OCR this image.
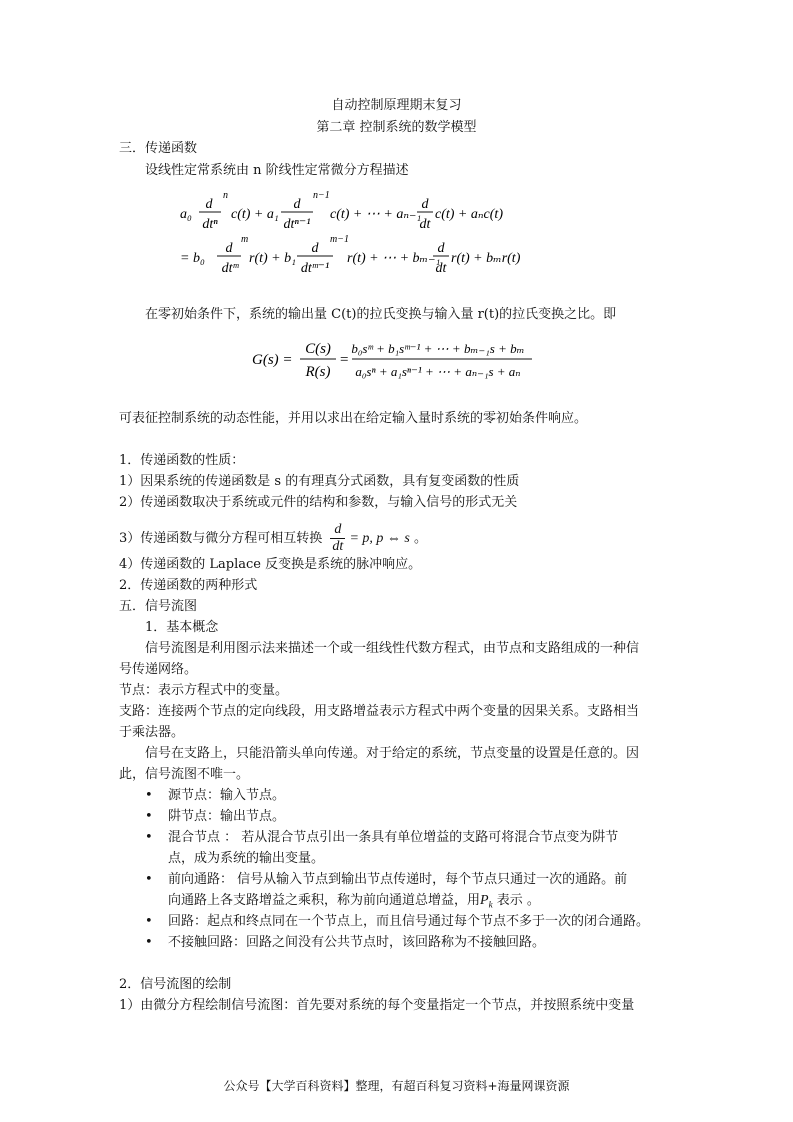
自动控制原理期末复习
第二章 控制系统的数学模型
三．传递函数
设线性定常系统由 n 阶线性定常微分方程描述
a₀
d
dtⁿ
n
c(t) + a₁
d
dtⁿ⁻¹
n−1
c(t) + ⋯ + aₙ₋₁
d
dt
c(t) + aₙc(t)
= b₀
d
dtᵐ
m
r(t) + b₁
d
dtᵐ⁻¹
m−1
r(t) + ⋯ + bₘ₋₁
d
dt
r(t) + bₘr(t)
在零初始条件下，系统的输出量 C(t)的拉氏变换与输入量 r(t)的拉氏变换之比。即
G(s) =
C(s)
R(s)
=
b₀sᵐ + b₁sᵐ⁻¹ + ⋯ + bₘ₋₁s + bₘ
a₀sⁿ + a₁sⁿ⁻¹ + ⋯ + aₙ₋₁s + aₙ
可表征控制系统的动态性能，并用以求出在给定输入量时系统的零初始条件响应。
1．传递函数的性质：
1）因果系统的传递函数是 s 的有理真分式函数，具有复变函数的性质
2）传递函数取决于系统或元件的结构和参数，与输入信号的形式无关
3）传递函数与微分方程可相互转换 $\frac{d}{dt} = p$, p ⇔ s 。
4）传递函数的 Laplace 反变换是系统的脉冲响应。
2．传递函数的两种形式
五．信号流图
1．基本概念
信号流图是利用图示法来描述一个或一组线性代数方程式，由节点和支路组成的一种信
号传递网络。
节点：表示方程式中的变量。
支路：连接两个节点的定向线段，用支路增益表示方程式中两个变量的因果关系。支路相当
于乘法器。
信号在支路上，只能沿箭头单向传递。对于给定的系统，节点变量的设置是任意的。因
此，信号流图不唯一。
• 源节点：输入节点。
• 阱节点：输出节点。
• 混合节点 ： 若从混合节点引出一条具有单位增益的支路可将混合节点变为阱节
点，成为系统的输出变量。
• 前向通路： 信号从输入节点到输出节点传递时，每个节点只通过一次的通路。前
向通路上各支路增益之乘积，称为前向通道总增益，用$P_k$ 表示 。
• 回路：起点和终点同在一个节点上，而且信号通过每个节点不多于一次的闭合通路。
• 不接触回路：回路之间没有公共节点时，该回路称为不接触回路。
2．信号流图的绘制
1）由微分方程绘制信号流图：首先要对系统的每个变量指定一个节点，并按照系统中变量
公众号【大学百科资料】整理，有超百科复习资料+海量网课资源
